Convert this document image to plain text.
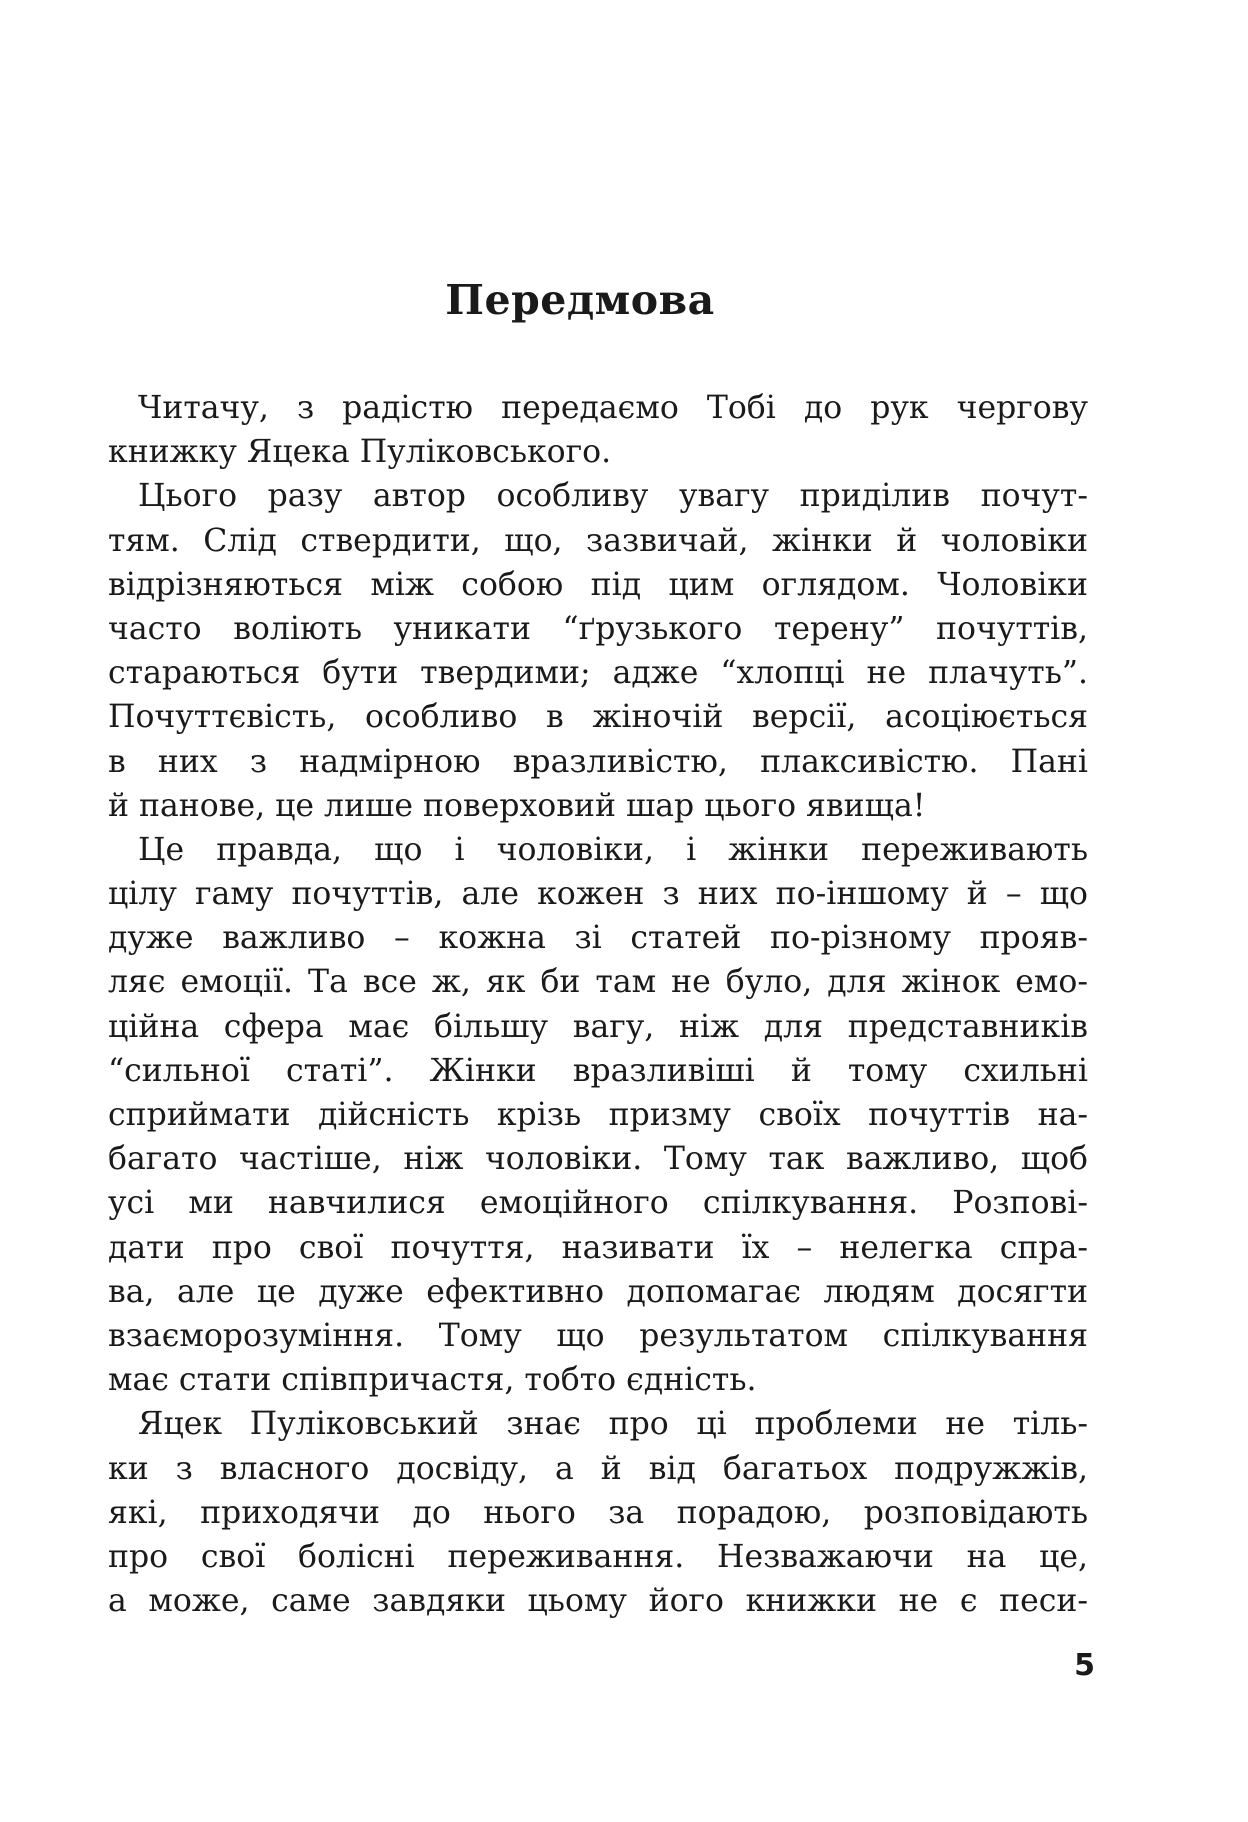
Передмова
Читачу, з радістю передаємо Тобі до рук чергову
книжку Яцека Пуліковського.
Цього разу автор особливу увагу приділив почут-
тям. Слід ствердити, що, зазвичай, жінки й чоловіки
відрізняються між собою під цим оглядом. Чоловіки
часто воліють уникати “ґрузького терену” почуттів,
стараються бути твердими; адже “хлопці не плачуть”.
Почуттєвість, особливо в жіночій версії, асоціюється
в них з надмірною вразливістю, плаксивістю. Пані
й панове, це лише поверховий шар цього явища!
Це правда, що і чоловіки, і жінки переживають
цілу гаму почуттів, але кожен з них по-іншому й – що
дуже важливо – кожна зі статей по-різному прояв-
ляє емоції. Та все ж, як би там не було, для жінок емо-
ційна сфера має більшу вагу, ніж для представників
“сильної статі”. Жінки вразливіші й тому схильні
сприймати дійсність крізь призму своїх почуттів на-
багато частіше, ніж чоловіки. Тому так важливо, щоб
усі ми навчилися емоційного спілкування. Розпові-
дати про свої почуття, називати їх – нелегка спра-
ва, але це дуже ефективно допомагає людям досягти
взаєморозуміння. Тому що результатом спілкування
має стати співпричастя, тобто єдність.
Яцек Пуліковський знає про ці проблеми не тіль-
ки з власного досвіду, а й від багатьох подружжів,
які, приходячи до нього за порадою, розповідають
про свої болісні переживання. Незважаючи на це,
а може, саме завдяки цьому його книжки не є песи-
5
